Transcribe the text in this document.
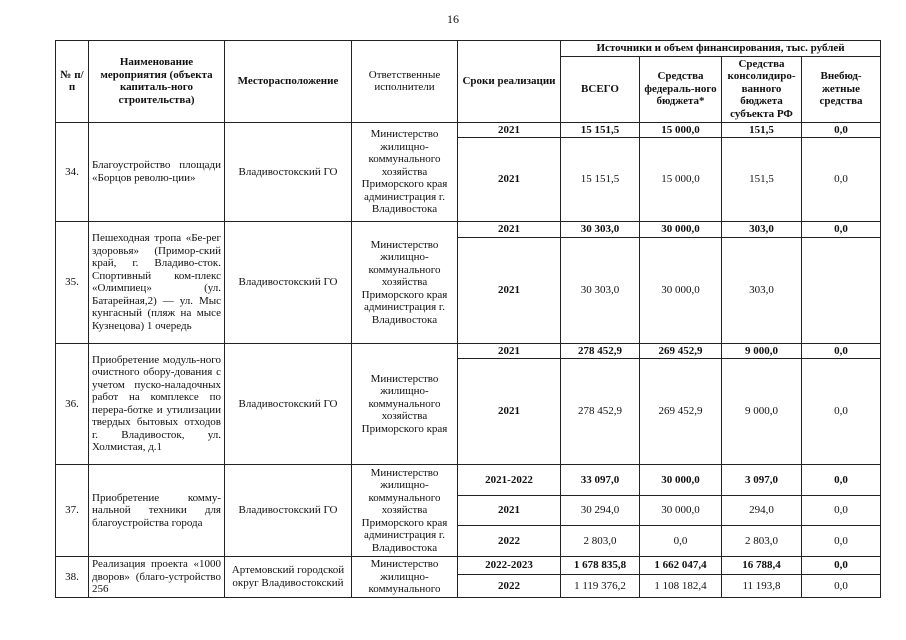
16
№ п/п	Наименование мероприятия (объекта капиталь-ного строительства)	Месторасположение	Ответственные исполнители	Сроки реализации	Источники и объем финансирования, тыс. рублей			
					ВСЕГО	Средства федераль-ного бюджета*	Средства консолидиро-ванного бюджета субъекта РФ	Внебюд-жетные средства
34.	Благоустройство площади «Борцов револю-ции»	Владивостокский ГО	Министерство жилищно-коммунального хозяйства Приморского края администрация г. Владивостока	2021	15 151,5	15 000,0	151,5	0,0
				2021	15 151,5	15 000,0	151,5	0,0
35.	Пешеходная тропа «Бе-рег здоровья» (Примор-ский край, г. Владиво-сток. Спортивный ком-плекс «Олимпиец» (ул. Батарейная,2) — ул. Мыс кунгасный (пляж на мысе Кузнецова) 1 очередь	Владивостокский ГО	Министерство жилищно-коммунального хозяйства Приморского края администрация г. Владивостока	2021	30 303,0	30 000,0	303,0	0,0
				2021	30 303,0	30 000,0	303,0	
36.	Приобретение модуль-ного очистного обору-дования с учетом пуско-наладочных работ на комплексе по перера-ботке и утилизации твердых бытовых отходов г. Владивосток, ул. Холмистая, д.1	Владивостокский ГО	Министерство жилищно-коммунального хозяйства Приморского края	2021	278 452,9	269 452,9	9 000,0	0,0
				2021	278 452,9	269 452,9	9 000,0	0,0
37.	Приобретение комму-нальной техники для благоустройства города	Владивостокский ГО	Министерство жилищно-коммунального хозяйства Приморского края администрация г. Владивостока	2021-2022	33 097,0	30 000,0	3 097,0	0,0
				2021	30 294,0	30 000,0	294,0	0,0
				2022	2 803,0	0,0	2 803,0	0,0
38.	Реализация проекта «1000 дворов» (благо-устройство 256	Артемовский городской округ Владивостокский	Министерство жилищно-коммунального	2022-2023	1 678 835,8	1 662 047,4	16 788,4	0,0
				2022	1 119 376,2	1 108 182,4	11 193,8	0,0
